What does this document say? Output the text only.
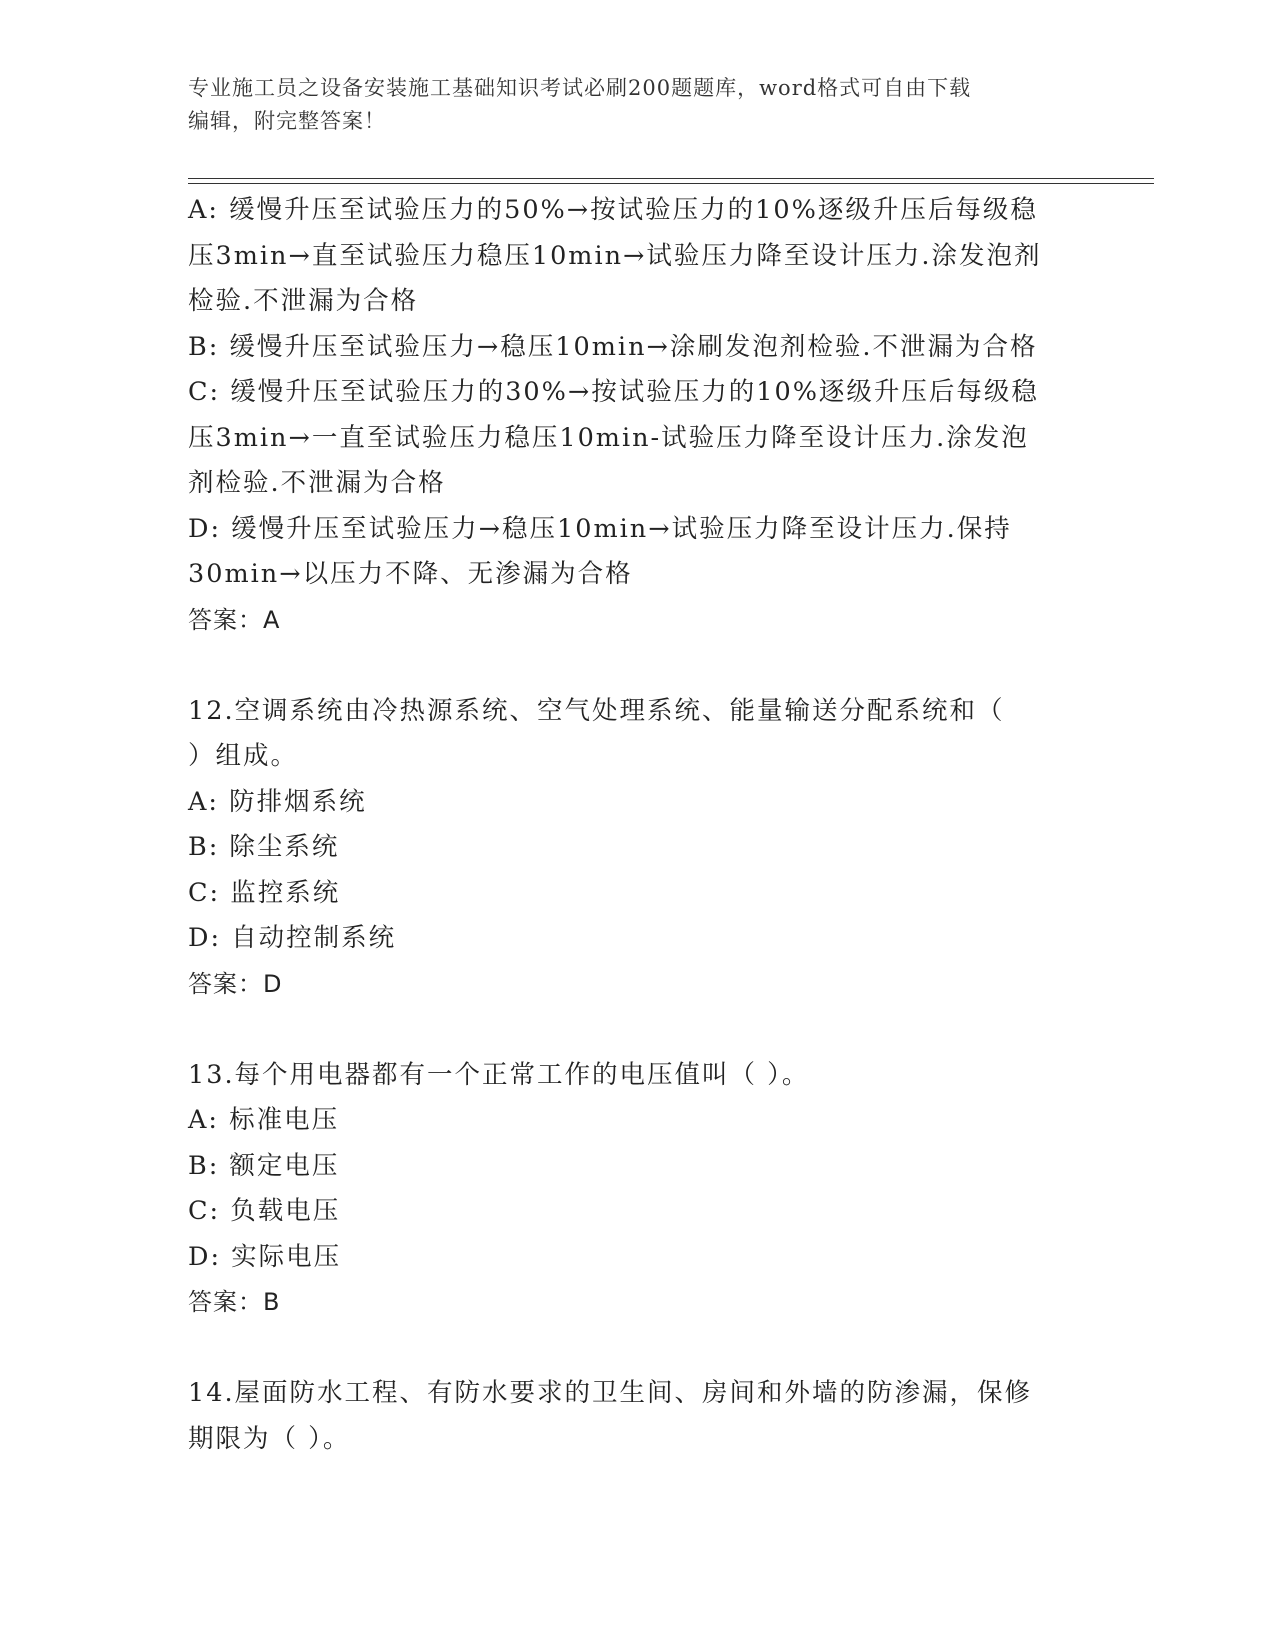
专业施工员之设备安装施工基础知识考试必刷200题题库，word格式可自由下载
编辑，附完整答案！
A: 缓慢升压至试验压力的50%→按试验压力的10%逐级升压后每级稳
压3min→直至试验压力稳压10min→试验压力降至设计压力.涂发泡剂
检验.不泄漏为合格
B: 缓慢升压至试验压力→稳压10min→涂刷发泡剂检验.不泄漏为合格
C: 缓慢升压至试验压力的30%→按试验压力的10%逐级升压后每级稳
压3min→一直至试验压力稳压10min-试验压力降至设计压力.涂发泡
剂检验.不泄漏为合格
D: 缓慢升压至试验压力→稳压10min→试验压力降至设计压力.保持
30min→以压力不降、无渗漏为合格
答案：A
12.空调系统由冷热源系统、空气处理系统、能量输送分配系统和（
）组成。
A: 防排烟系统
B: 除尘系统
C: 监控系统
D: 自动控制系统
答案：D
13.每个用电器都有一个正常工作的电压值叫（ ）。
A: 标准电压
B: 额定电压
C: 负载电压
D: 实际电压
答案：B
14.屋面防水工程、有防水要求的卫生间、房间和外墙的防渗漏，保修
期限为（ ）。
